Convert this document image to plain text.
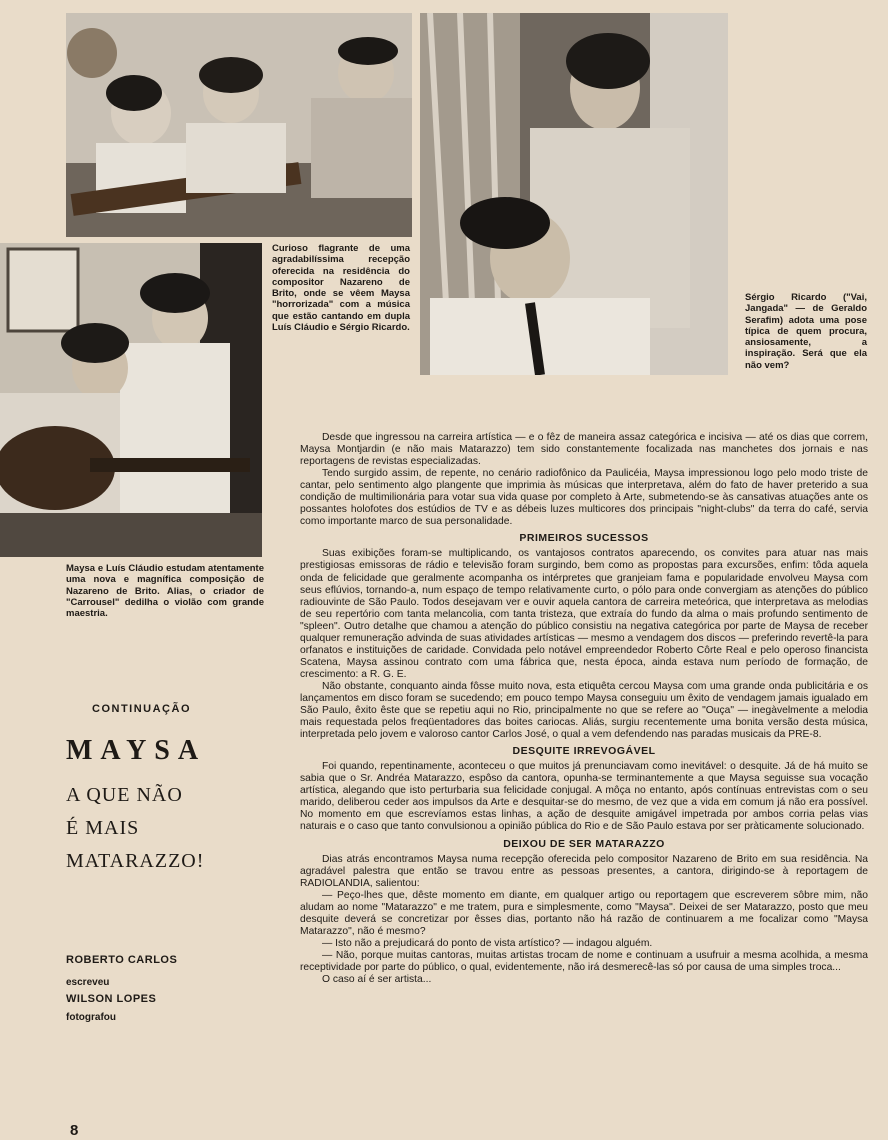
Curioso flagrante de uma agradabilíssima recepção oferecida na residência do compositor Nazareno de Brito, onde se vêem Maysa "horrorizada" com a música que estão cantando em dupla Luís Cláudio e Sérgio Ricardo.

Sérgio Ricardo ("Vai, Jangada" — de Geraldo Serafim) adota uma pose típica de quem procura, ansiosamente, a inspiração. Será que ela não vem?

Maysa e Luís Cláudio estudam atentamente uma nova e magnífica composição de Nazareno de Brito. Alias, o criador de "Carrousel" dedilha o violão com grande maestria.

CONTINUAÇÃO
MAYSA
A QUE NÃO
É MAIS
MATARAZZO!
ROBERTO CARLOS
escreveu
WILSON LOPES
fotografou

Desde que ingressou na carreira artística — e o fêz de maneira assaz categórica e incisiva — até os dias que correm, Maysa Montjardin (e não mais Matarazzo) tem sido constantemente focalizada nas manchetes dos jornais e nas reportagens de revistas especializadas.

Tendo surgido assim, de repente, no cenário radiofônico da Paulicéia, Maysa impressionou logo pelo modo triste de cantar, pelo sentimento algo plangente que imprimia às músicas que interpretava, além do fato de haver preterido a sua condição de multimilionária para votar sua vida quase por completo à Arte, submetendo-se às cansativas atuações ante os possantes holofotes dos estúdios de TV e as débeis luzes multicores dos principais "night-clubs" da terra do café, servia como importante marco de sua personalidade.

PRIMEIROS SUCESSOS

Suas exibições foram-se multiplicando, os vantajosos contratos aparecendo, os convites para atuar nas mais prestigiosas emissoras de rádio e televisão foram surgindo, bem como as propostas para excursões, enfim: tôda aquela onda de felicidade que geralmente acompanha os intérpretes que granjeiam fama e popularidade envolveu Maysa com seus eflúvios, tornando-a, num espaço de tempo relativamente curto, o pólo para onde convergiam as atenções do público radiouvinte de São Paulo. Todos desejavam ver e ouvir aquela cantora de carreira meteórica, que interpretava as melodias de seu repertório com tanta melancolia, com tanta tristeza, que extraía do fundo da alma o mais profundo sentimento de "spleen". Outro detalhe que chamou a atenção do público consistiu na negativa categórica por parte de Maysa de receber qualquer remuneração advinda de suas atividades artísticas — mesmo a vendagem dos discos — preferindo revertê-la para orfanatos e instituições de caridade. Convidada pelo notável empreendedor Roberto Côrte Real e pelo operoso financista Scatena, Maysa assinou contrato com uma fábrica que, nesta época, ainda estava num período de formação, de crescimento: a R. G. E.

Não obstante, conquanto ainda fôsse muito nova, esta etiquêta cercou Maysa com uma grande onda publicitária e os lançamentos em disco foram se sucedendo; em pouco tempo Maysa conseguiu um êxito de vendagem jamais igualado em São Paulo, êxito êste que se repetiu aqui no Rio, principalmente no que se refere ao "Ouça" — inegàvelmente a melodia mais requestada pelos freqüentadores das boites cariocas. Aliás, surgiu recentemente uma bonita versão desta música, interpretada pelo jovem e valoroso cantor Carlos José, o qual a vem defendendo nas paradas musicais da PRE-8.

DESQUITE IRREVOGÁVEL

Foi quando, repentinamente, aconteceu o que muitos já prenunciavam como inevitável: o desquite. Já de há muito se sabia que o Sr. Andréa Matarazzo, espôso da cantora, opunha-se terminantemente a que Maysa seguisse sua vocação artística, alegando que isto perturbaria sua felicidade conjugal. A môça no entanto, após contínuas entrevistas com o seu marido, deliberou ceder aos impulsos da Arte e desquitar-se do mesmo, de vez que a vida em comum já não era possível. No momento em que escrevíamos estas linhas, a ação de desquite amigável impetrada por ambos corria pelas vias naturais e o caso que tanto convulsionou a opinião pública do Rio e de São Paulo estava por ser pràticamente solucionado.

DEIXOU DE SER MATARAZZO

Dias atrás encontramos Maysa numa recepção oferecida pelo compositor Nazareno de Brito em sua residência. Na agradável palestra que então se travou entre as pessoas presentes, a cantora, dirigindo-se à reportagem de RADIOLANDIA, salientou:

— Peço-lhes que, dêste momento em diante, em qualquer artigo ou reportagem que escreverem sôbre mim, não aludam ao nome "Matarazzo" e me tratem, pura e simplesmente, como "Maysa". Deixei de ser Matarazzo, posto que meu desquite deverá se concretizar por êsses dias, portanto não há razão de continuarem a me focalizar como "Maysa Matarazzo", não é mesmo?

— Isto não a prejudicará do ponto de vista artístico? — indagou alguém.

— Não, porque muitas cantoras, muitas artistas trocam de nome e continuam a usufruir a mesma acolhida, a mesma receptividade por parte do público, o qual, evidentemente, não irá desmerecê-las só por causa de uma simples troca...

O caso aí é ser artista...

8
